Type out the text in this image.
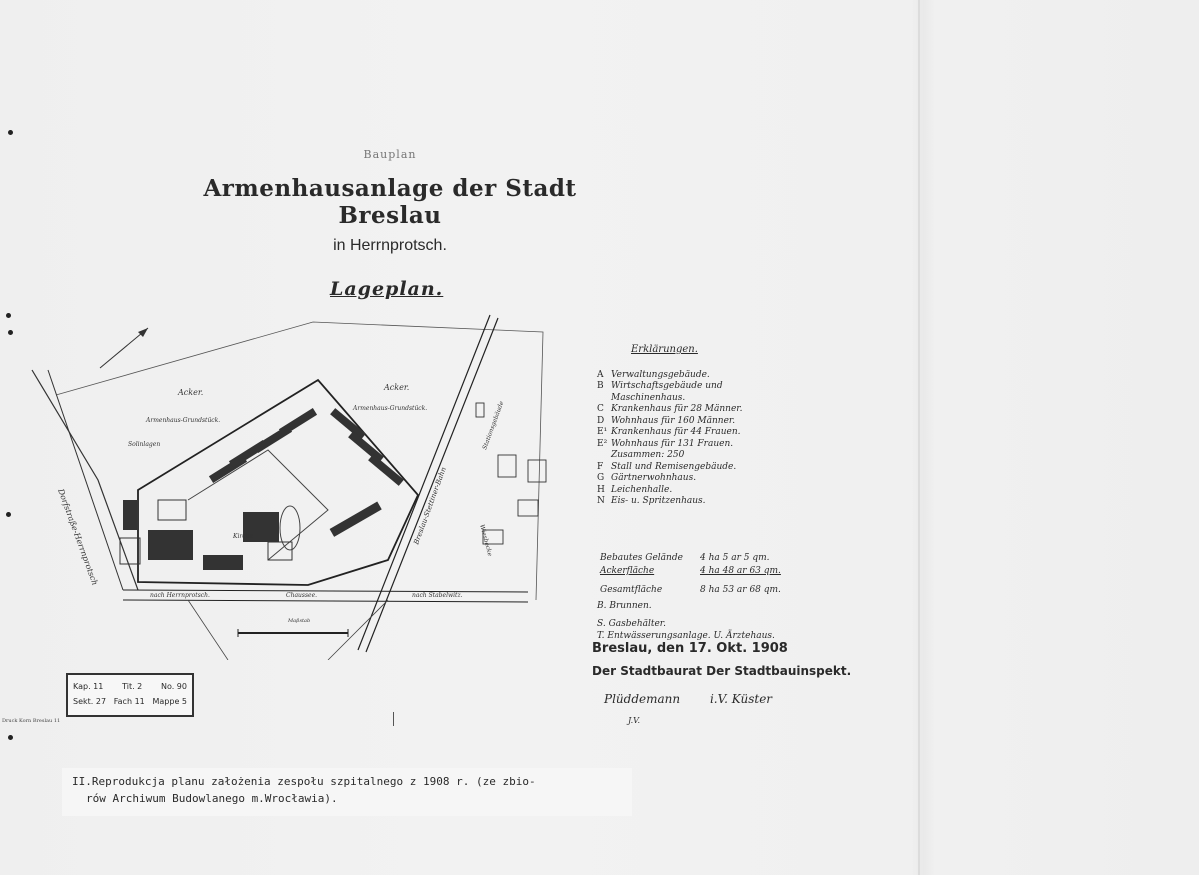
Bauplan
Armenhausanlage der Stadt Breslau
in Herrnprotsch.
Lageplan.
Acker.
Armenhaus-Grundstück.
Acker.
Armenhaus-Grundstück.
Solinlagen
Kirche
Dorfstraße-Herrnprotsch
nach Herrnprotsch.	Chaussee.	nach Stabelwitz.
Breslau-Stettiner-Bahn
Stationsgebäude
Wiesbecke
Maßstab
Erklärungen.
A Verwaltungsgebäude.
B Wirtschaftsgebäude und
Maschinenhaus.
C Krankenhaus für 28 Männer.
D Wohnhaus für 160 Männer.
E¹ Krankenhaus für 44 Frauen.
E² Wohnhaus für 131 Frauen.
Zusammen: 250
F Stall und Remisengebäude.
G Gärtnerwohnhaus.
H Leichenhalle.
N Eis- u. Spritzenhaus.
Bebautes Gelände	4 ha 5 ar 5 qm.
Ackerfläche	4 ha 48 ar 63 qm.
Gesamtfläche	8 ha 53 ar 68 qm.
B. Brunnen.
S. Gasbehälter.
T. Entwässerungsanlage. U. Ärztehaus.
Breslau, den 17. Okt. 1908
Der Stadtbaurat Der Stadtbauinspekt.
Plüddemann i.V. Küster
J.V.
Kap. 11 Tit. 2 No. 90
Sekt. 27 Fach 11 Mappe 5
Druck Korn Breslau 11
II.Reprodukcja planu założenia zespołu szpitalnego z 1908 r. (ze zbio-
rów Archiwum Budowlanego m.Wrocławia).
